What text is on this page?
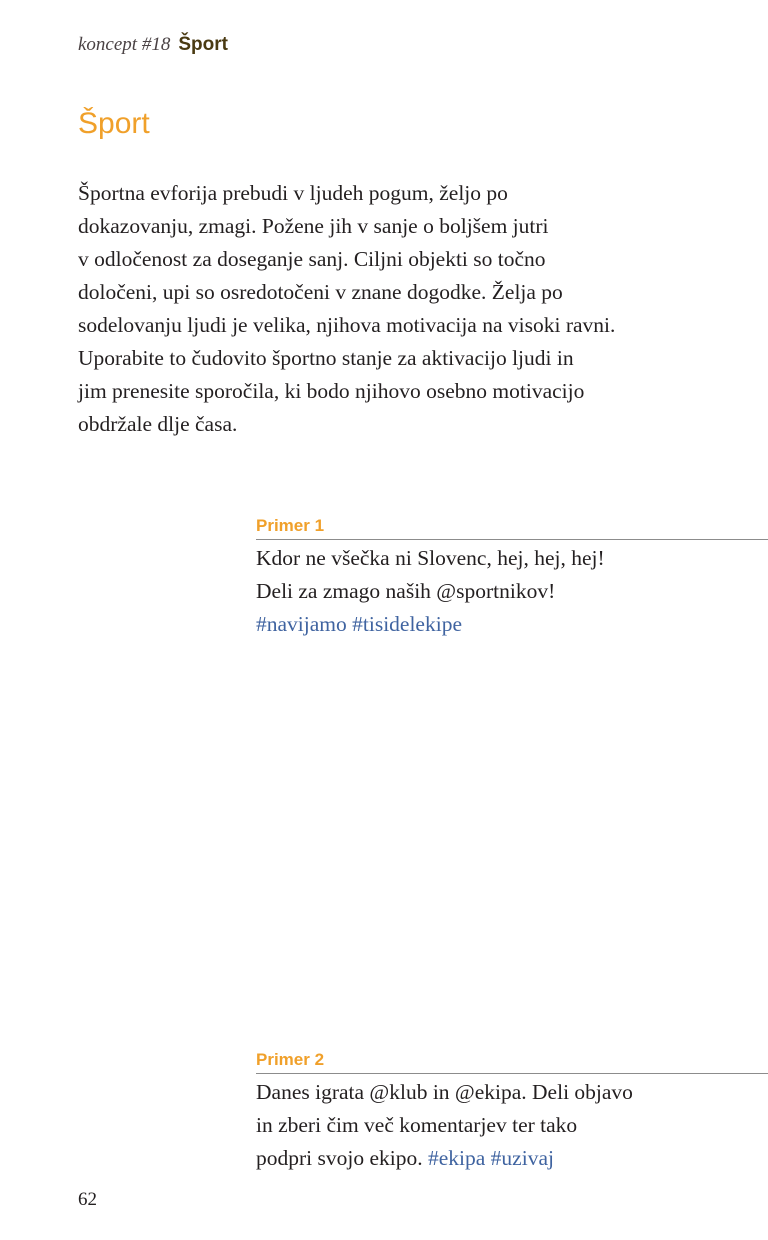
koncept #18 Šport
Šport

Športna evforija prebudi v ljudeh pogum, željo po
dokazovanju, zmagi. Požene jih v sanje o boljšem jutri
v odločenost za doseganje sanj. Ciljni objekti so točno
določeni, upi so osredotočeni v znane dogodke. Želja po
sodelovanju ljudi je velika, njihova motivacija na visoki ravni.
Uporabite to čudovito športno stanje za aktivacijo ljudi in
jim prenesite sporočila, ki bodo njihovo osebno motivacijo
obdržale dlje časa.

Primer 1

Kdor ne všečka ni Slovenc, hej, hej, hej!
Deli za zmago naših @sportnikov!
#navijamo #tisidelekipe

Primer 2

Danes igrata @klub in @ekipa. Deli objavo
in zberi čim več komentarjev ter tako
podpri svojo ekipo. #ekipa #uzivaj

62
